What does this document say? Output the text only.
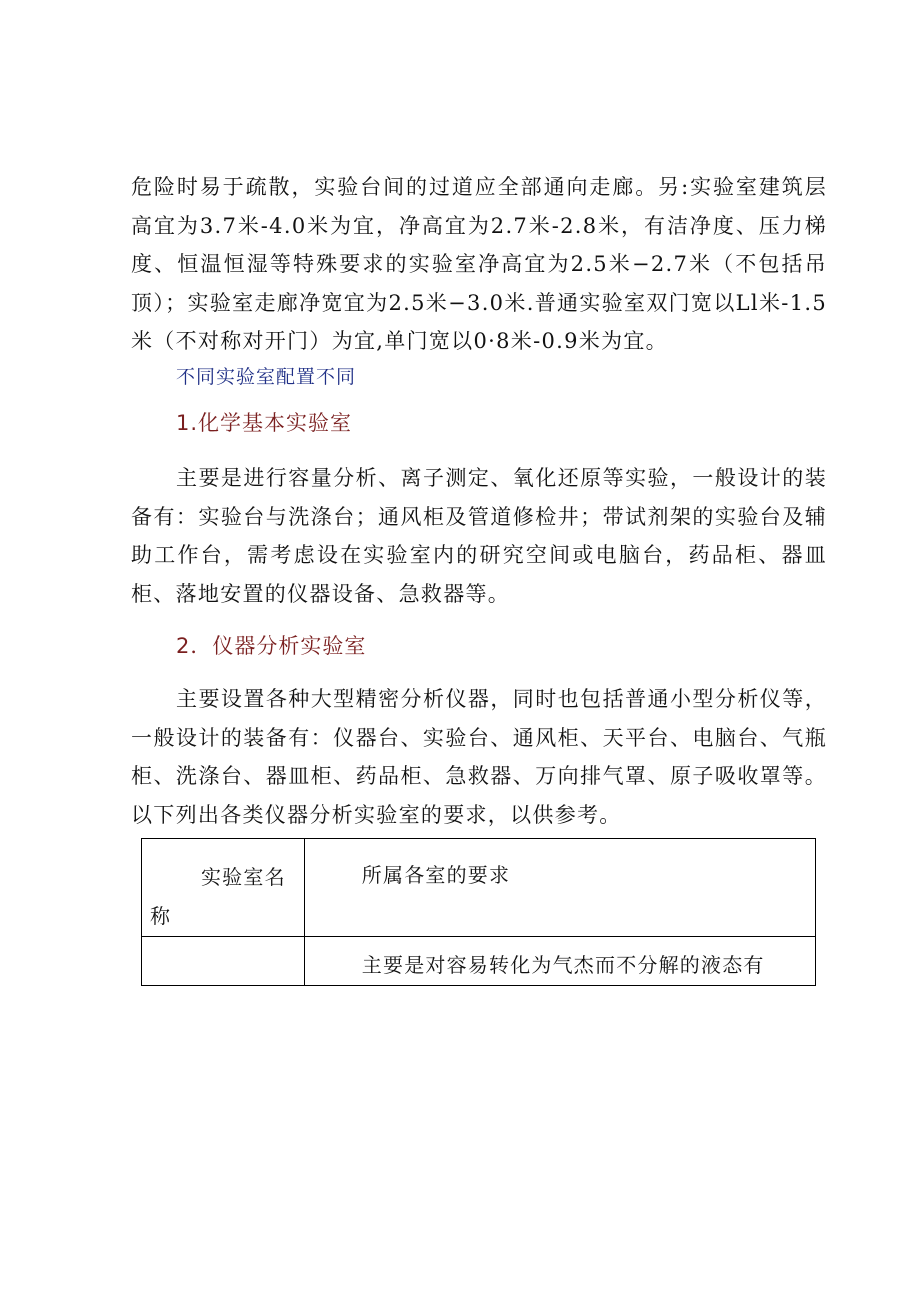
危险时易于疏散，实验台间的过道应全部通向走廊。另:实验室建筑层高宜为3.7米-4.0米为宜，净高宜为2.7米-2.8米，有洁净度、压力梯度、恒温恒湿等特殊要求的实验室净高宜为2.5米−2.7米（不包括吊顶）；实验室走廊净宽宜为2.5米−3.0米.普通实验室双门宽以Ll米-1.5米（不对称对开门）为宜,单门宽以0·8米-0.9米为宜。

不同实验室配置不同

1.化学基本实验室

主要是进行容量分析、离子测定、氧化还原等实验，一般设计的装备有：实验台与洗涤台；通风柜及管道修检井；带试剂架的实验台及辅助工作台，需考虑设在实验室内的研究空间或电脑台，药品柜、器皿柜、落地安置的仪器设备、急救器等。

2．仪器分析实验室

主要设置各种大型精密分析仪器，同时也包括普通小型分析仪等，一般设计的装备有：仪器台、实验台、通风柜、天平台、电脑台、气瓶柜、洗涤台、器皿柜、药品柜、急救器、万向排气罩、原子吸收罩等。以下列出各类仪器分析实验室的要求，以供参考。

实验室名
称	所属各室的要求

	主要是对容易转化为气杰而不分解的液态有
